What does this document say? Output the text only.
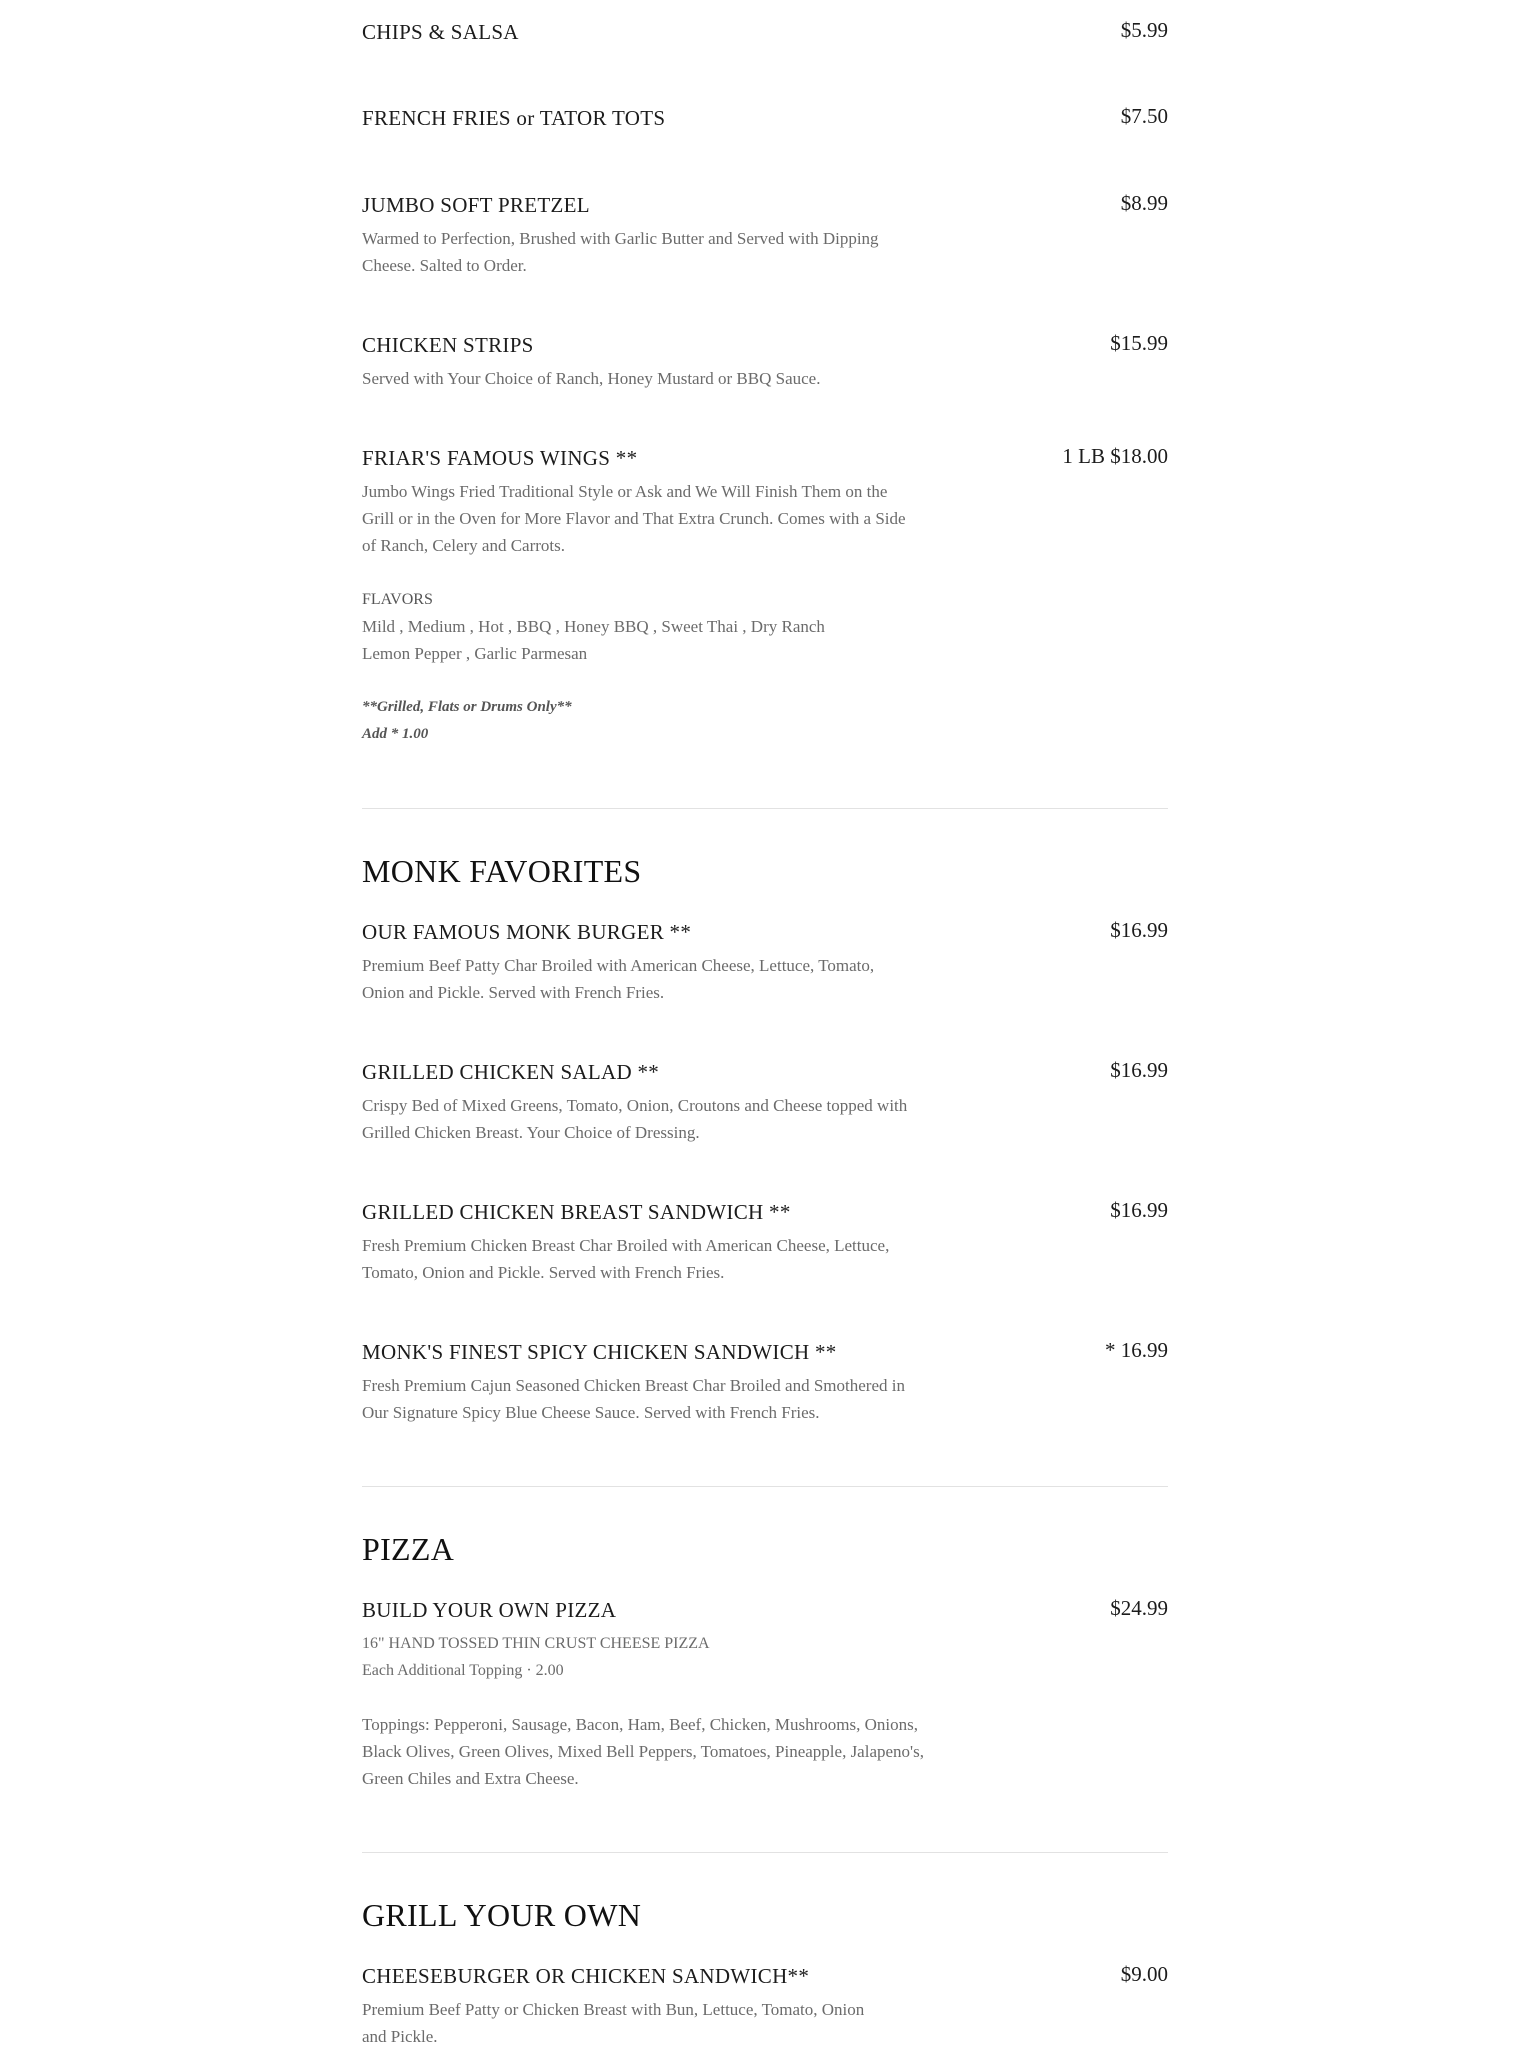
CHIPS & SALSA	$5.99

FRENCH FRIES or TATOR TOTS	$7.50

JUMBO SOFT PRETZEL	$8.99

Warmed to Perfection, Brushed with Garlic Butter and Served with Dipping
Cheese. Salted to Order.

CHICKEN STRIPS	$15.99

Served with Your Choice of Ranch, Honey Mustard or BBQ Sauce.

FRIAR'S FAMOUS WINGS **	1 LB $18.00

Jumbo Wings Fried Traditional Style or Ask and We Will Finish Them on the
Grill or in the Oven for More Flavor and That Extra Crunch. Comes with a Side
of Ranch, Celery and Carrots.

FLAVORS

Mild , Medium , Hot , BBQ , Honey BBQ , Sweet Thai , Dry Ranch
Lemon Pepper , Garlic Parmesan

**Grilled, Flats or Drums Only**

Add * 1.00

MONK FAVORITES

OUR FAMOUS MONK BURGER **	$16.99

Premium Beef Patty Char Broiled with American Cheese, Lettuce, Tomato,
Onion and Pickle. Served with French Fries.

GRILLED CHICKEN SALAD **	$16.99

Crispy Bed of Mixed Greens, Tomato, Onion, Croutons and Cheese topped with
Grilled Chicken Breast. Your Choice of Dressing.

GRILLED CHICKEN BREAST SANDWICH **	$16.99

Fresh Premium Chicken Breast Char Broiled with American Cheese, Lettuce,
Tomato, Onion and Pickle. Served with French Fries.

MONK'S FINEST SPICY CHICKEN SANDWICH **	* 16.99

Fresh Premium Cajun Seasoned Chicken Breast Char Broiled and Smothered in
Our Signature Spicy Blue Cheese Sauce. Served with French Fries.

PIZZA

BUILD YOUR OWN PIZZA	$24.99

16" HAND TOSSED THIN CRUST CHEESE PIZZA
Each Additional Topping · 2.00

Toppings: Pepperoni, Sausage, Bacon, Ham, Beef, Chicken, Mushrooms, Onions,
Black Olives, Green Olives, Mixed Bell Peppers, Tomatoes, Pineapple, Jalapeno's,
Green Chiles and Extra Cheese.

GRILL YOUR OWN

CHEESEBURGER OR CHICKEN SANDWICH**	$9.00

Premium Beef Patty or Chicken Breast with Bun, Lettuce, Tomato, Onion
and Pickle.
